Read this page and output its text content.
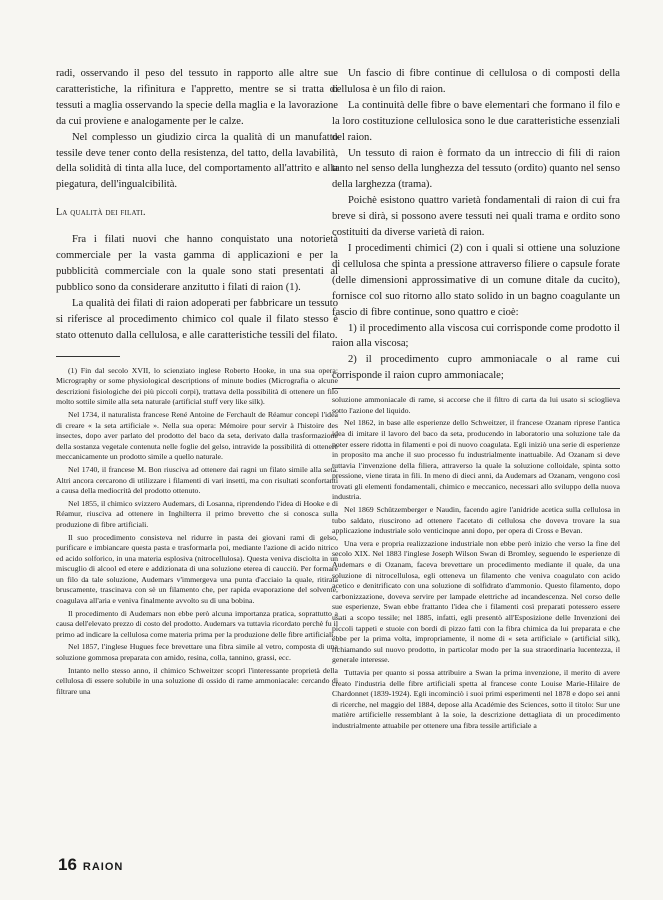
radi, osservando il peso del tessuto in rapporto alle altre sue caratteristiche, la rifinitura e l'appretto, mentre se si tratta di tessuti a maglia osservando la specie della maglia e la lavorazione da cui proviene e analogamente per le calze.

Nel complesso un giudizio circa la qualità di un manufatto tessile deve tener conto della resistenza, del tatto, della lavabilità, della solidità di tinta alla luce, del comportamento all'attrito e alla piegatura, dell'ingualcibilità.

La qualità dei filati.

Fra i filati nuovi che hanno conquistato una notorietà commerciale per la vasta gamma di applicazioni e per la pubblicità commerciale con la quale sono stati presentati al pubblico sono da considerare anzitutto i filati di raion (1).

La qualità dei filati di raion adoperati per fabbricare un tessuto si riferisce al procedimento chimico col quale il filato stesso è stato ottenuto dalla cellulosa, e alle caratteristiche tessili del filato.

(1) Fin dal secolo XVII, lo scienziato inglese Roberto Hooke, in una sua opera: Micrography or some physiological descriptions of minute bodies (Micrografia o alcune descrizioni fisiologiche dei più piccoli corpi), trattava della possibilità di ottenere un filo molto sottile simile alla seta naturale (artificial stuff very like silk).

Nel 1734, il naturalista francese René Antoine de Ferchault de Réamur concepì l'idea di creare « la seta artificiale ». Nella sua opera: Mémoire pour servir à l'histoire des insectes, dopo aver parlato del prodotto del baco da seta, derivato dalla trasformazione della sostanza vegetale contenuta nelle foglie del gelso, intravide la possibilità di ottenere meccanicamente un prodotto simile a quello naturale.

Nel 1740, il francese M. Bon riusciva ad ottenere dai ragni un filato simile alla seta. Altri ancora cercarono di utilizzare i filamenti di vari insetti, ma con risultati sconfortanti a causa della mediocrità del prodotto ottenuto.

Nel 1855, il chimico svizzero Audemars, di Losanna, riprendendo l'idea di Hooke e di Réamur, riusciva ad ottenere in Inghilterra il primo brevetto che si conosca sulla produzione di fibre artificiali.

Il suo procedimento consisteva nel ridurre in pasta dei giovani rami di gelso, purificare e imbiancare questa pasta e trasformarla poi, mediante l'azione di acido nitrico ed acido solforico, in una materia esplosiva (nitrocellulosa). Questa veniva disciolta in un miscuglio di alcool ed etere e addizionata di una soluzione eterea di caucciù. Per formare un filo da tale soluzione, Audemars v'immergeva una punta d'acciaio la quale, ritirata bruscamente, trascinava con sè un filamento che, per rapida evaporazione del solvente, coagulava all'aria e veniva finalmente avvolto su di una bobina.

Il procedimento di Audemars non ebbe però alcuna importanza pratica, soprattutto a causa dell'elevato prezzo di costo del prodotto. Audemars va tuttavia ricordato perchè fu il primo ad indicare la cellulosa come materia prima per la produzione delle fibre artificiali.

Nel 1857, l'inglese Hugues fece brevettare una fibra simile al vetro, composta di una soluzione gommosa preparata con amido, resina, colla, tannino, grassi, ecc.

Intanto nello stesso anno, il chimico Schweitzer scoprì l'interessante proprietà della cellulosa di essere solubile in una soluzione di ossido di rame ammoniacale: cercando di filtrare una

Un fascio di fibre continue di cellulosa o di composti della cellulosa è un filo di raion.

La continuità delle fibre o bave elementari che formano il filo e la loro costituzione cellulosica sono le due caratteristiche essenziali del raion.

Un tessuto di raion è formato da un intreccio di fili di raion tanto nel senso della lunghezza del tessuto (ordito) quanto nel senso della larghezza (trama).

Poichè esistono quattro varietà fondamentali di raion di cui fra breve si dirà, si possono avere tessuti nei quali trama e ordito sono costituiti da diverse varietà di raion.

I procedimenti chimici (2) con i quali si ottiene una soluzione di cellulosa che spinta a pressione attraverso filiere o capsule forate (delle dimensioni approssimative di un comune ditale da cucito), fornisce col suo ritorno allo stato solido in un bagno coagulante un fascio di fibre continue, sono quattro e cioè:

1) il procedimento alla viscosa cui corrisponde come prodotto il raion alla viscosa;

2) il procedimento cupro ammoniacale o al rame cui corrisponde il raion cupro ammoniacale;

soluzione ammoniacale di rame, si accorse che il filtro di carta da lui usato si scioglieva sotto l'azione del liquido.

Nel 1862, in base alle esperienze dello Schweitzer, il francese Ozanam riprese l'antica idea di imitare il lavoro del baco da seta, producendo in laboratorio una soluzione tale da poter essere ridotta in filamenti e poi di nuovo coagulata. Egli iniziò una serie di esperienze in proposito ma anche il suo processo fu industrialmente inattuabile. Ad Ozanam si deve tuttavia l'invenzione della filiera, attraverso la quale la soluzione colloidale, spinta sotto pressione, viene tirata in fili. In meno di dieci anni, da Audemars ad Ozanam, vengono così trovati gli elementi fondamentali, chimico e meccanico, necessari allo sviluppo della nuova industria.

Nel 1869 Schützemberger e Naudin, facendo agire l'anidride acetica sulla cellulosa in tubo saldato, riuscirono ad ottenere l'acetato di cellulosa che doveva trovare la sua applicazione industriale solo venticinque anni dopo, per opera di Cross e Bevan.

Una vera e propria realizzazione industriale non ebbe però inizio che verso la fine del secolo XIX. Nel 1883 l'inglese Joseph Wilson Swan di Bromley, seguendo le esperienze di Audemars e di Ozanam, faceva brevettare un procedimento mediante il quale, da una soluzione di nitrocellulosa, egli otteneva un filamento che veniva coagulato con acido acetico e denitrificato con una soluzione di solfidrato d'ammonio. Questo filamento, dopo carbonizzazione, doveva servire per lampade elettriche ad incandescenza. Nel corso delle sue esperienze, Swan ebbe frattanto l'idea che i filamenti così preparati potessero essere usati a scopo tessile; nel 1885, infatti, egli presentò all'Esposizione delle Invenzioni dei piccoli tappeti e stuoie con bordi di pizzo fatti con la fibra chimica da lui preparata e che ebbe per la prima volta, impropriamente, il nome di « seta artificiale » (artificial silk), richiamando sul nuovo prodotto, in particolar modo per la sua straordinaria lucentezza, il generale interesse.

Tuttavia per quanto si possa attribuire a Swan la prima invenzione, il merito di avere creato l'industria delle fibre artificiali spetta al francese conte Louise Marie-Hilaire de Chardonnet (1839-1924). Egli incominciò i suoi primi esperimenti nel 1878 e dopo sei anni di ricerche, nel maggio del 1884, depose alla Académie des Sciences, sotto il titolo: Sur une matière artificielle ressemblant à la soie, la descrizione dettagliata di un procedimento industrialmente attuabile per ottenere una fibra tessile artificiale a

16 RAION
